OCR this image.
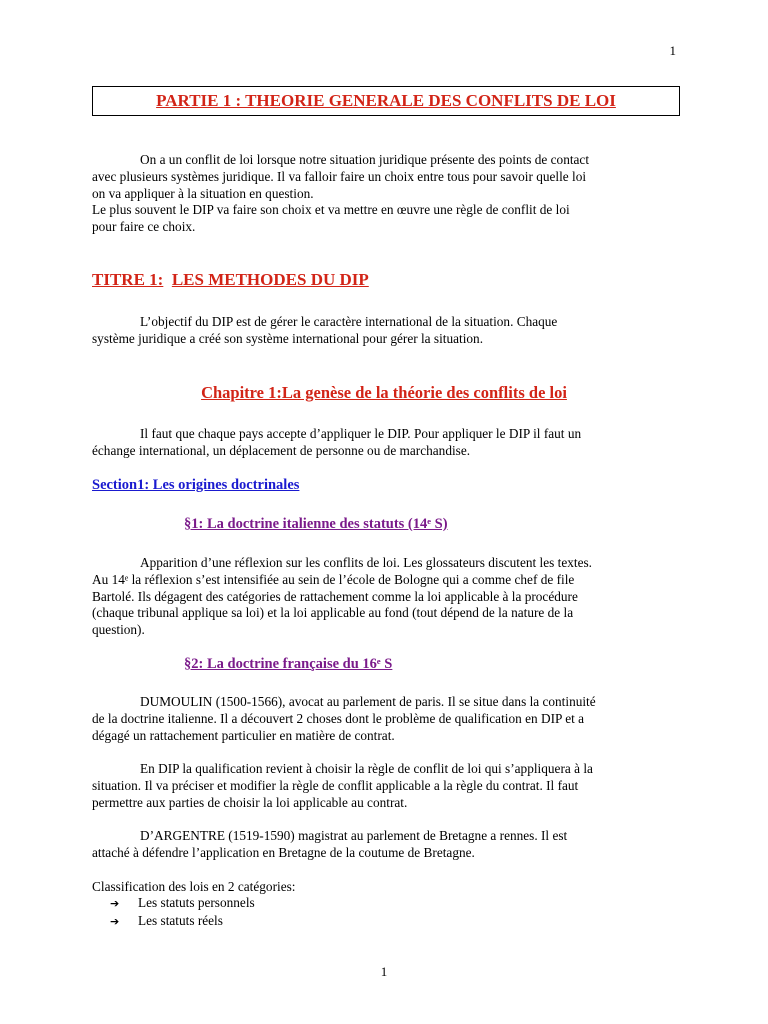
1
PARTIE 1 : THEORIE GENERALE DES CONFLITS DE LOI
On a un conflit de loi lorsque notre situation juridique présente des points de contact
avec plusieurs systèmes juridique. Il va falloir faire un choix entre tous pour savoir quelle loi
on va appliquer à la situation en question.
Le plus souvent le DIP va faire son choix et va mettre en œuvre une règle de conflit de loi
pour faire ce choix.
TITRE 1: LES METHODES DU DIP
L’objectif du DIP est de gérer le caractère international de la situation. Chaque
système juridique a créé son système international pour gérer la situation.
Chapitre 1:La genèse de la théorie des conflits de loi
Il faut que chaque pays accepte d’appliquer le DIP. Pour appliquer le DIP il faut un
échange international, un déplacement de personne ou de marchandise.
Section1: Les origines doctrinales
§1: La doctrine italienne des statuts (14ᵉ S)
Apparition d’une réflexion sur les conflits de loi. Les glossateurs discutent les textes.
Au 14ᵉ la réflexion s’est intensifiée au sein de l’école de Bologne qui a comme chef de file
Bartolé. Ils dégagent des catégories de rattachement comme la loi applicable à la procédure
(chaque tribunal applique sa loi) et la loi applicable au fond (tout dépend de la nature de la
question).
§2: La doctrine française du 16ᵉ S
DUMOULIN (1500-1566), avocat au parlement de paris. Il se situe dans la continuité
de la doctrine italienne. Il a découvert 2 choses dont le problème de qualification en DIP et a
dégagé un rattachement particulier en matière de contrat.
En DIP la qualification revient à choisir la règle de conflit de loi qui s’appliquera à la
situation. Il va préciser et modifier la règle de conflit applicable a la règle du contrat. Il faut
permettre aux parties de choisir la loi applicable au contrat.
D’ARGENTRE (1519-1590) magistrat au parlement de Bretagne a rennes. Il est
attaché à défendre l’application en Bretagne de la coutume de Bretagne.
Classification des lois en 2 catégories:
➔ Les statuts personnels
➔ Les statuts réels
1
